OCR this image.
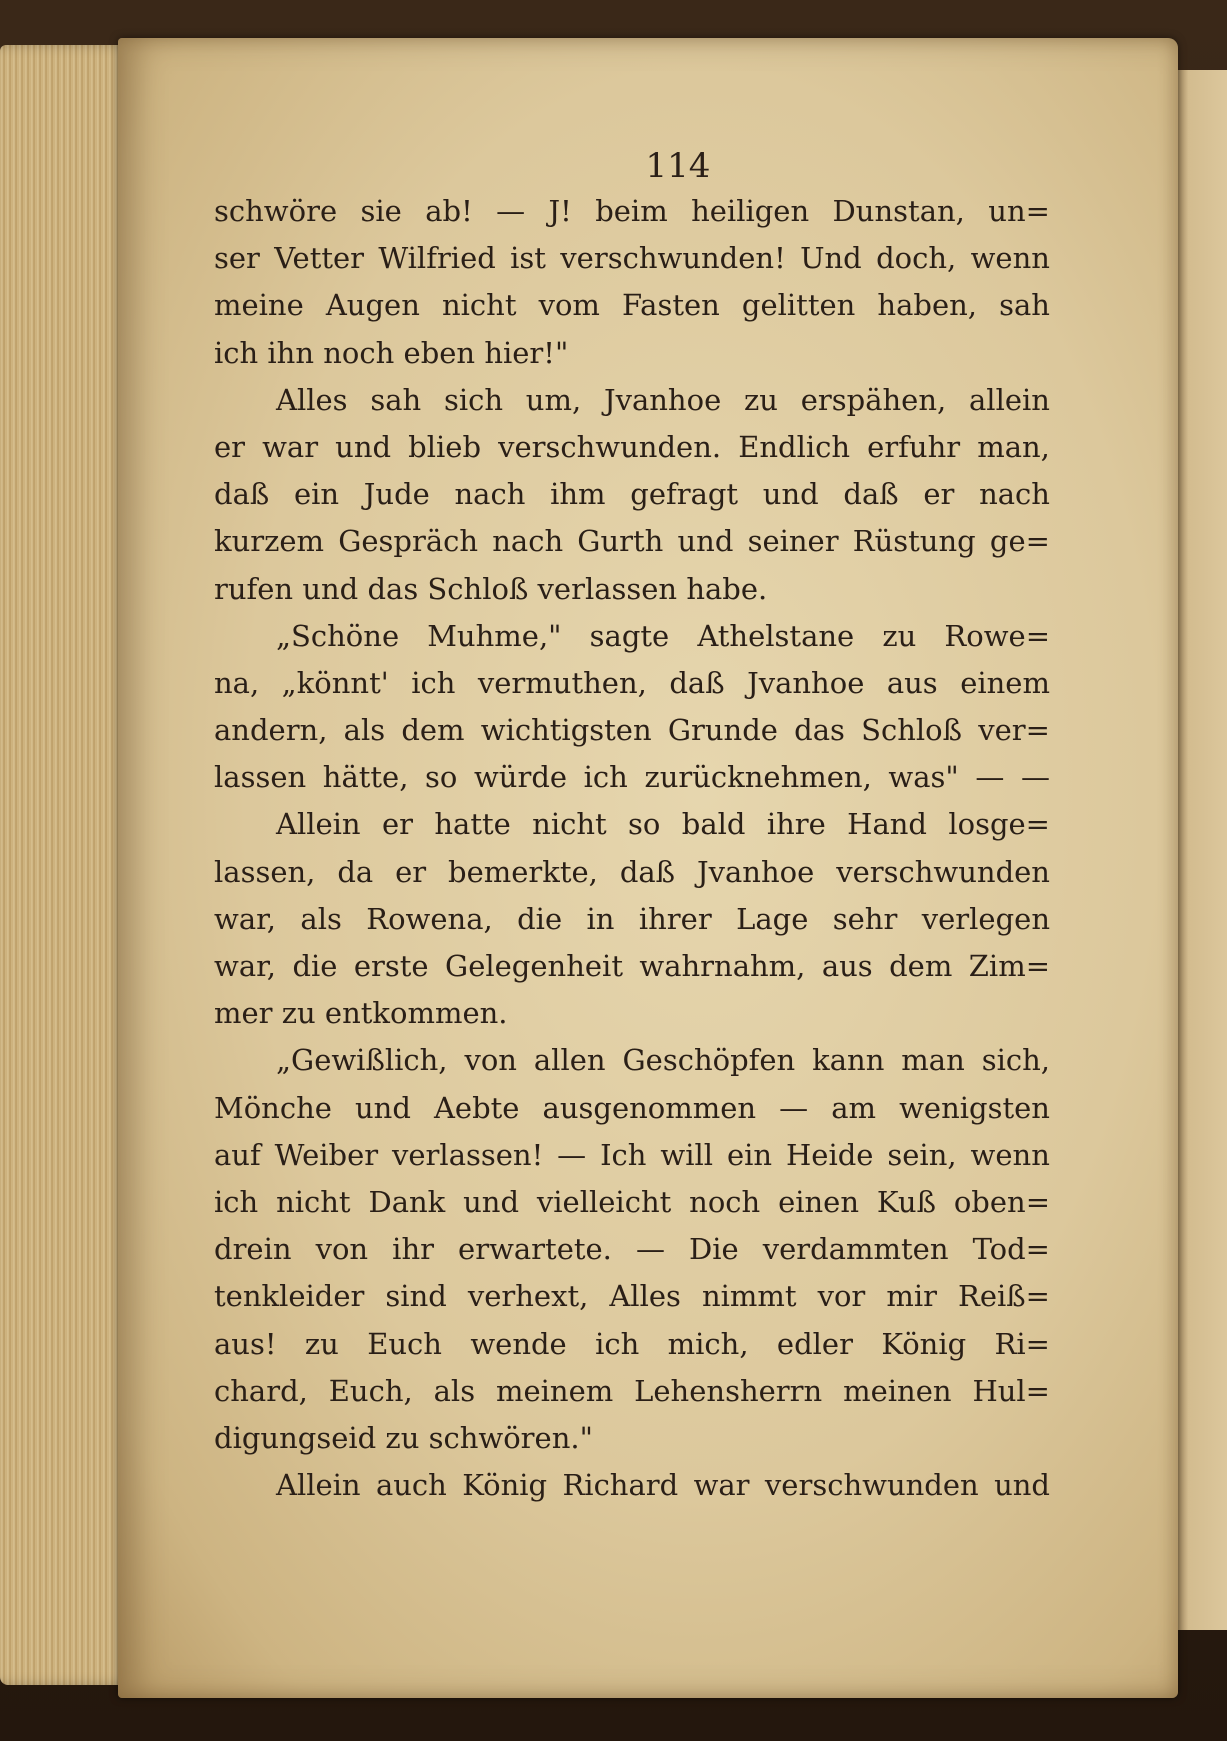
114
schwöre sie ab! — J! beim heiligen Dunstan, un=
ser Vetter Wilfried ist verschwunden! Und doch, wenn
meine Augen nicht vom Fasten gelitten haben, sah
ich ihn noch eben hier!"
Alles sah sich um, Jvanhoe zu erspähen, allein
er war und blieb verschwunden. Endlich erfuhr man,
daß ein Jude nach ihm gefragt und daß er nach
kurzem Gespräch nach Gurth und seiner Rüstung ge=
rufen und das Schloß verlassen habe.
„Schöne Muhme," sagte Athelstane zu Rowe=
na, „könnt' ich vermuthen, daß Jvanhoe aus einem
andern, als dem wichtigsten Grunde das Schloß ver=
lassen hätte, so würde ich zurücknehmen, was" — —
Allein er hatte nicht so bald ihre Hand losge=
lassen, da er bemerkte, daß Jvanhoe verschwunden
war, als Rowena, die in ihrer Lage sehr verlegen
war, die erste Gelegenheit wahrnahm, aus dem Zim=
mer zu entkommen.
„Gewißlich, von allen Geschöpfen kann man sich,
Mönche und Aebte ausgenommen — am wenigsten
auf Weiber verlassen! — Ich will ein Heide sein, wenn
ich nicht Dank und vielleicht noch einen Kuß oben=
drein von ihr erwartete. — Die verdammten Tod=
tenkleider sind verhext, Alles nimmt vor mir Reiß=
aus! zu Euch wende ich mich, edler König Ri=
chard, Euch, als meinem Lehensherrn meinen Hul=
digungseid zu schwören."
Allein auch König Richard war verschwunden und
